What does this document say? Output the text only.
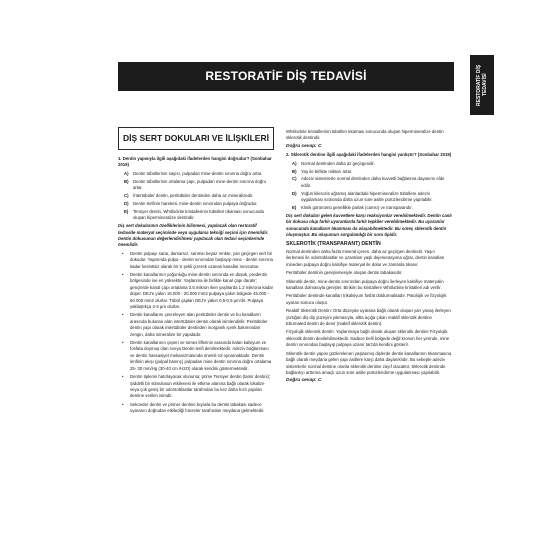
RESTORATİF DİŞ TEDAVİSİ	RESTORATİF DİŞ TEDAVİSİ
DİŞ SERT DOKULARI VE İLİŞKİLERİ

1. Dentin yapısıyla ilgili aşağıdaki ifadelerden hangisi doğrudur? (Sonbahar 2019)

A)	Dentin tübüllerinin sayısı, pulpadan mine-dentin sınırına doğru artar.
B)	Dentin tübüllerinin ortalama çapı, pulpadan mine-dentin sınırına doğru artar.
C)	İntertübüler dentin, peritübüler dentinden daha az mineralizedir.
D)	Dentin lenfinin hareketi, mine-dentin sınırından pulpaya doğrudur.
E)	Tersiyer dentin, Whitlockite kristallerinin tübülleri tıkaması sonucunda oluşan hipermineralize dentindir.

Diş sert dokularının özelliklerinin bilinmesi, yapılacak olan restoratif tedavide materyal seçiminde veya uygulama tekniği seçimi için önemlidir. Dentin dokusunun değerlendirilmesi yapılacak olan tedavi seçimlerinde önemlidir.

• Dentin pulpayı sarar, damarsız, sarımsı beyaz renkte, yarı geçirgen sert bir dokudur. Yapısında pulpa - dentin sınırından başlayıp mine - dentin sınırına kadar kesintisiz olarak bir S şekli çizerek uzanan kanallar mevcuttur.
• Dentin kanallarının yoğunluğu mine-dentin sınırında en düşük, predentin bölgesinde ise en yüksektir. Yaşlanma ile birlikte kanal çapı daralır; gençlerde kanal çapı ortalama 3.5 mikron iken yaşlılarda 1.2 mikrona kadar düşer. DEJ'e yakın 15.000 - 20.000 mm2 pulpaya yakın bölgede 45.000 - 60.000 mm2 olurlar. Tübül çapları DEJ'e yakın 0,5-0,9 µm'dir. Pulpaya yaklaştıkça 2-3 µm olurlar.
• Dentin kanallarını çevreleyen alan peritübüler dentin ve bu kanalların arasında bulunan alan intertübüler dentin olarak isimlendirilir. Peritübüler dentin yapı olarak intertübüler dentinden inorganik içerik bakımından zengin, daha mineralize bir yapıdadır.
• Dentin kanallarının çeperi ve tomes liflerinin arasında kalan kalsiyum ve fosfata doymuş olan sıvıya Dentin lenfi denilmektedir. Adezív bağlanması ve dentin hassasiyet mekanizmasında önemli rol oynamaktadır. Dentin lenfinin akışı (pulpal basınç) pulpadan mine dentin sınırına doğru ortalama 25- 30 mm/Hg (30-40 cm /H2O) olarak kendini göstermektedir.
• Dentin tiplerini hatırlayacak olunursa; prime Tersiyer dentin (tamir dentini); Şiddetli bir stimulusun etkilenesi ile etkime alanına bağlı olarak lokalize veya çok geniş bir odontoblastlar tarafından bu kez daha hızlı yapılan dentine verilen isimdir.
• Sekonder dentin ve primer dentine kıyasla bu dentin tabakası sadece uyaranın doğrudan etkilediği hücreler tarafından meydana gelmektedir.

Whitlockite kristallerinin tübülleri tıkaması sonucunda oluşan hipermineralize dentin sklerotik dentindir.

Doğru cevap: C

2. Sklerotik dentine ilgili aşağıdaki ifadelerden hangisi yanlıştır? (Sonbahar 2019)

A)	Normal dentinden daha az geçirgendir.
B)	Yaş ile birlikte miktarı artar.
C)	Adeziv sistemlerle normal dentinden daha kuvvetli bağlanma dayanımı elde edilir.
D)	Yoğun kilerozis uğramış alanlardaki hipermineralize tübüllere adeziv uygulaması sırasında daha uzun süre asitle pürüzlendirme yapılabilir.
E)	Klinik görünümü genellikle parlak (camsı) ve transparandır.

Diş sert dokuları gelen kuvvetlere karşı reaksiyonlar verebilmektedir. Dentin canlı bir dokusu olup farklı uyaranlarda farklı tepkiler verebilmektedir. Bu uyaranlar sonucunda kanalların tıkanması da oluşabilmektedir. Bu süreç sklerotik dentin oluşmuştur. Bu oluşumun sorgulandığı bir soru tipidir.

SKLEROTİK (TRANSPARANT) DENTİN

Normal dentinden daha fazla mineral içeren, daha az geçirgen dentindir. Yaşın ilerlemesi ile odontoblastlar ve uzantıları yaşlı dejenerasyona uğrar, dentin kanalları mineden pulpaya doğru kalsifiye materyal ile dolar ve zamanla tıkanır.

Peritübüler dentinin genişlemesiyle oluşan dentin tabakasıdır.

Sklerotik dentin, mine-dentin sınırından pulpaya doğru ilerleyen kalsifiye materyalin kanallara dolmasıyla genişler. Birikim bu kristallere Whitlockite kristalleri adı verilir.

Peritübüler dentinde kanalları trikalsiyum fosfat doldurmaktadır. Patolojik ve fizyolojik uyaran sonucu oluşur.

Reaktif Sklerotik Dentin: Orta düzeyde uyarana bağlı olarak oluşan yarı yavaş ilerleyen çürüğün diş diş yüzeyini yıkmasıyla, altta açığa çıkan reaktif sklerotik dentine Eburnated dentin de denir (reaktif sklerotik dentin).

Fizyolojik sklerotik dentin: Yaşlanmaya bağlı olarak oluşan sklerotik dentine Fizyolojik sklerotik dentin denilebilmektedir. Sadece belli bölgede değil kronun her yerinde, mine dentin sınırından başlayıp pulpaya uzanır tarzda kendini gösterir.

Sklerotik dentin yapısı gözlemlenen yaşlanmış dişlerde dentin kanallarının tıkanmasına bağlı olarak meydana gelen yapı asitlere karşı daha dayanıklıdır. Bu sebeple adeziv sistemlerle normal dentine oranla sklerotik dentine zayıf olacaktır. Sklerotik dentinde bağlantıyı arttırma amaçlı uzun süre asitle pürüzlendirme uygulanması yapılabilir.

Doğru cevap: C
